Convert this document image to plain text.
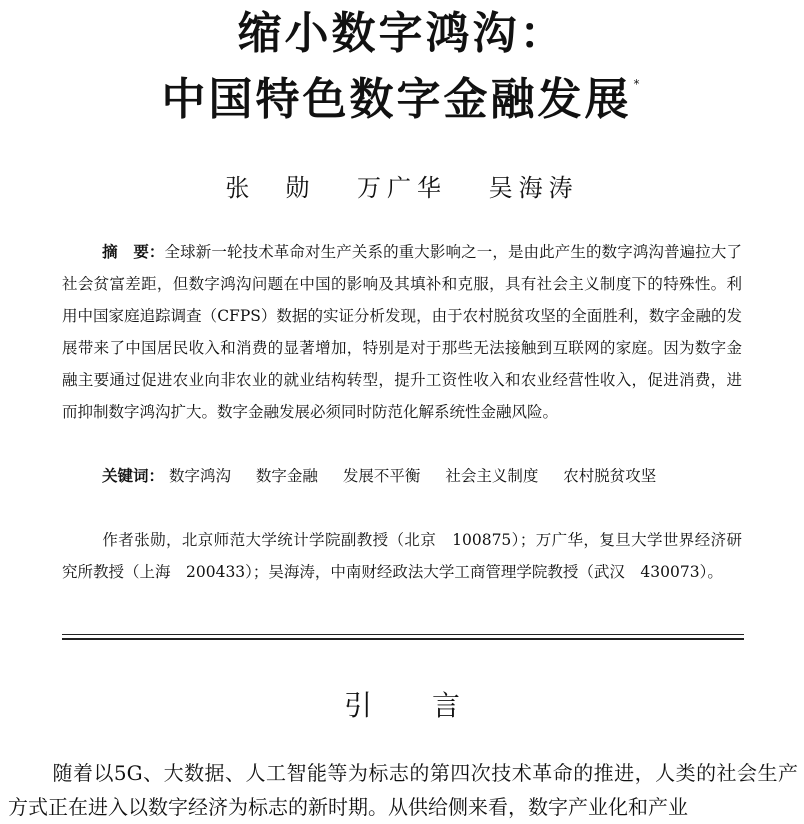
缩小数字鸿沟：
中国特色数字金融发展 *
张　勋 万广华 吴海涛
摘　要：全球新一轮技术革命对生产关系的重大影响之一，是由此产生的数字鸿沟普遍拉大了社会贫富差距，但数字鸿沟问题在中国的影响及其填补和克服，具有社会主义制度下的特殊性。利用中国家庭追踪调查（CFPS）数据的实证分析发现，由于农村脱贫攻坚的全面胜利，数字金融的发展带来了中国居民收入和消费的显著增加，特别是对于那些无法接触到互联网的家庭。因为数字金融主要通过促进农业向非农业的就业结构转型，提升工资性收入和农业经营性收入，促进消费，进而抑制数字鸿沟扩大。数字金融发展必须同时防范化解系统性金融风险。
关键词： 数字鸿沟 数字金融 发展不平衡 社会主义制度 农村脱贫攻坚
作者张勋，北京师范大学统计学院副教授（北京　100875）；万广华，复旦大学世界经济研究所教授（上海　200433）；吴海涛，中南财经政法大学工商管理学院教授（武汉　430073）。
引言
随着以5G、大数据、人工智能等为标志的第四次技术革命的推进，人类的社会生产方式正在进入以数字经济为标志的新时期。从供给侧来看，数字产业化和产业
